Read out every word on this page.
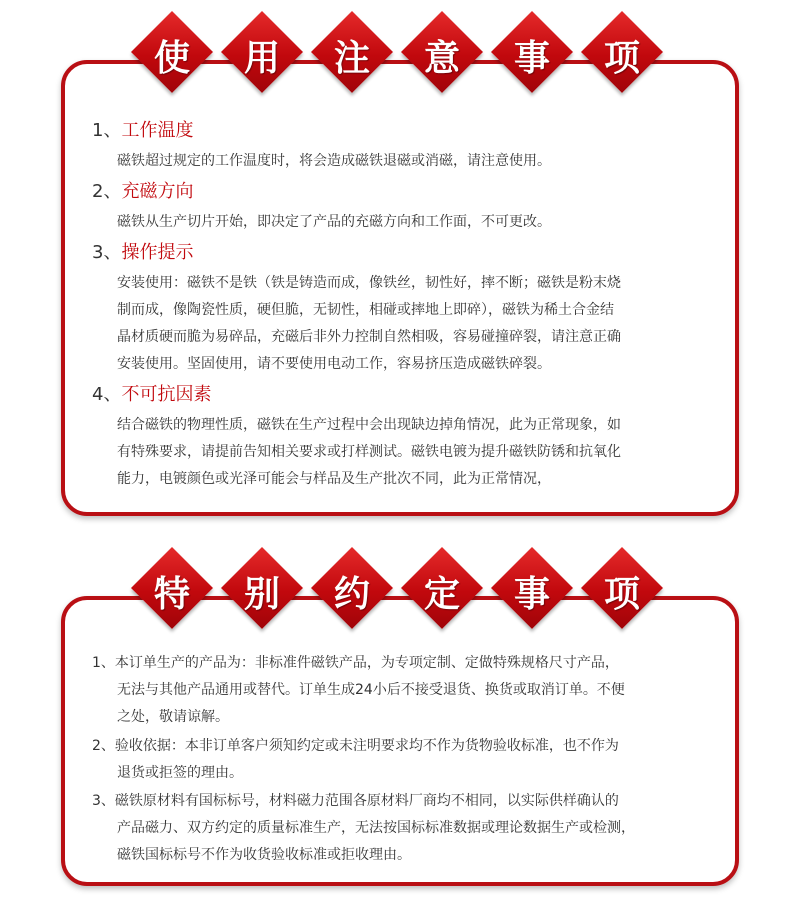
使	用	注	意	事	项
1、工作温度
磁铁超过规定的工作温度时，将会造成磁铁退磁或消磁，请注意使用。
2、充磁方向
磁铁从生产切片开始，即决定了产品的充磁方向和工作面，不可更改。
3、操作提示
安装使用：磁铁不是铁（铁是铸造而成，像铁丝，韧性好，摔不断；磁铁是粉末烧
制而成，像陶瓷性质，硬但脆，无韧性，相碰或摔地上即碎），磁铁为稀土合金结
晶材质硬而脆为易碎品，充磁后非外力控制自然相吸，容易碰撞碎裂，请注意正确
安装使用。坚固使用，请不要使用电动工作，容易挤压造成磁铁碎裂。
4、不可抗因素
结合磁铁的物理性质，磁铁在生产过程中会出现缺边掉角情况，此为正常现象，如
有特殊要求，请提前告知相关要求或打样测试。磁铁电镀为提升磁铁防锈和抗氧化
能力，电镀颜色或光泽可能会与样品及生产批次不同，此为正常情况，
特	别	约	定	事	项
1、本订单生产的产品为：非标准件磁铁产品，为专项定制、定做特殊规格尺寸产品，
无法与其他产品通用或替代。订单生成24小后不接受退货、换货或取消订单。不便
之处，敬请谅解。
2、验收依据：本非订单客户须知约定或未注明要求均不作为货物验收标准，也不作为
退货或拒签的理由。
3、磁铁原材料有国标标号，材料磁力范围各原材料厂商均不相同，以实际供样确认的
产品磁力、双方约定的质量标准生产，无法按国标标准数据或理论数据生产或检测，
磁铁国标标号不作为收货验收标准或拒收理由。
